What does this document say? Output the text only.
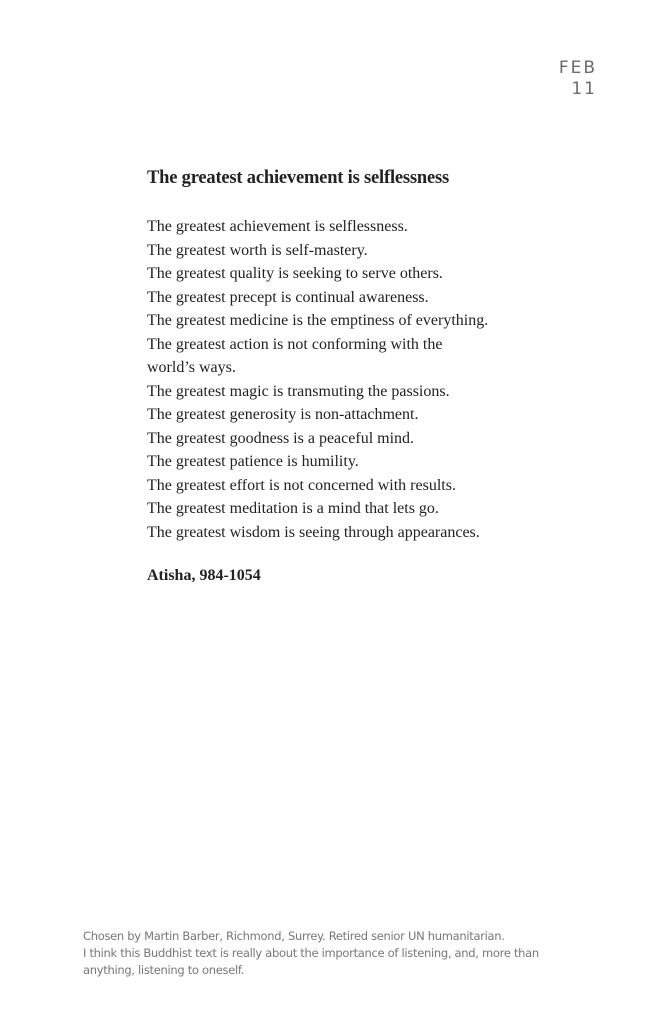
FEB
11
The greatest achievement is selflessness
The greatest achievement is selflessness.
The greatest worth is self-mastery.
The greatest quality is seeking to serve others.
The greatest precept is continual awareness.
The greatest medicine is the emptiness of everything.
The greatest action is not conforming with the
world’s ways.
The greatest magic is transmuting the passions.
The greatest generosity is non-attachment.
The greatest goodness is a peaceful mind.
The greatest patience is humility.
The greatest effort is not concerned with results.
The greatest meditation is a mind that lets go.
The greatest wisdom is seeing through appearances.

Atisha, 984-1054

Chosen by Martin Barber, Richmond, Surrey. Retired senior UN humanitarian.
I think this Buddhist text is really about the importance of listening, and, more than
anything, listening to oneself.
